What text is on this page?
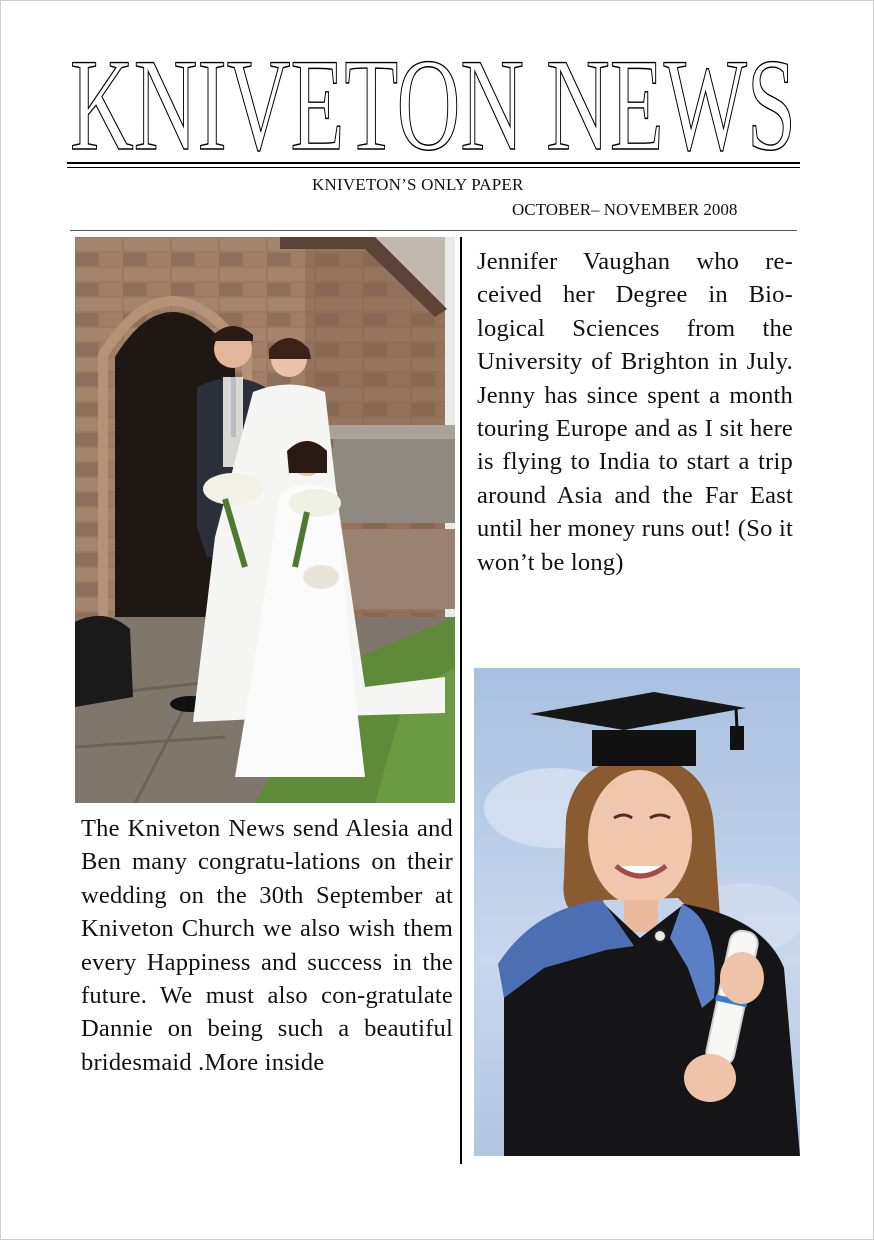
KNIVETON NEWS
KNIVETON’S ONLY PAPER
OCTOBER– NOVEMBER 2008
Jennifer Vaughan who re-ceived her Degree in Bio-logical Sciences from the University of Brighton in July. Jenny has since spent a month touring Europe and as I sit here is flying to India to start a trip around Asia and the Far East until her money runs out! (So it won’t be long)
The Kniveton News send Alesia and Ben many congratu-lations on their wedding on the 30th September at Kniveton Church we also wish them every Happiness and success in the future. We must also con-gratulate Dannie on being such a beautiful bridesmaid .More inside
